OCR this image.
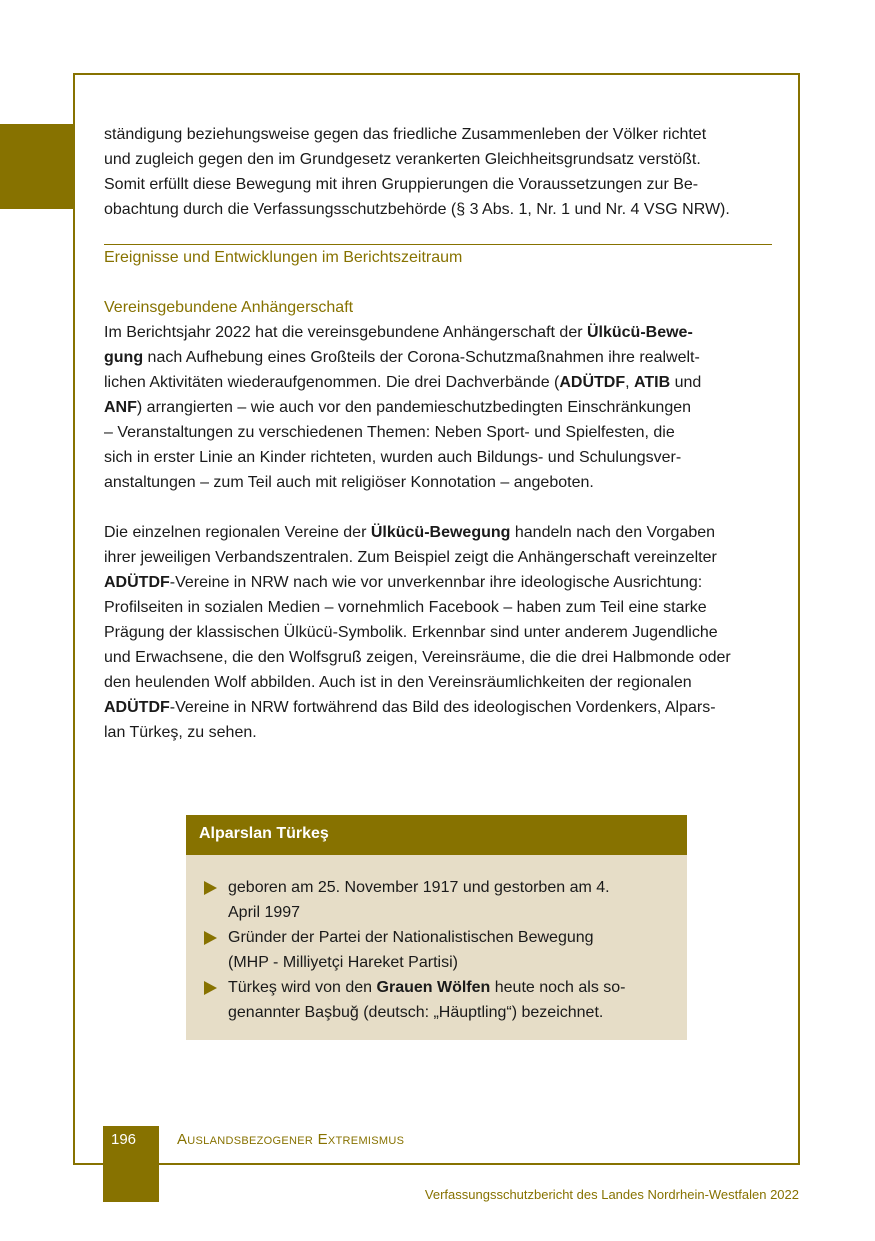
ständigung beziehungsweise gegen das friedliche Zusammenleben der Völker richtet
und zugleich gegen den im Grundgesetz verankerten Gleichheitsgrundsatz verstößt.
Somit erfüllt diese Bewegung mit ihren Gruppierungen die Voraussetzungen zur Be-
obachtung durch die Verfassungsschutzbehörde (§ 3 Abs. 1, Nr. 1 und Nr. 4 VSG NRW).

Ereignisse und Entwicklungen im Berichtszeitraum

Vereinsgebundene Anhängerschaft

Im Berichtsjahr 2022 hat die vereinsgebundene Anhängerschaft der Ülkücü-Bewe-
gung nach Aufhebung eines Großteils der Corona-Schutzmaßnahmen ihre realwelt-
lichen Aktivitäten wiederaufgenommen. Die drei Dachverbände (ADÜTDF, ATIB und
ANF) arrangierten – wie auch vor den pandemieschutzbedingten Einschränkungen
– Veranstaltungen zu verschiedenen Themen: Neben Sport- und Spielfesten, die
sich in erster Linie an Kinder richteten, wurden auch Bildungs- und Schulungsver-
anstaltungen – zum Teil auch mit religiöser Konnotation – angeboten.

Die einzelnen regionalen Vereine der Ülkücü-Bewegung handeln nach den Vorgaben
ihrer jeweiligen Verbandszentralen. Zum Beispiel zeigt die Anhängerschaft vereinzelter
ADÜTDF-Vereine in NRW nach wie vor unverkennbar ihre ideologische Ausrichtung:
Profilseiten in sozialen Medien – vornehmlich Facebook – haben zum Teil eine starke
Prägung der klassischen Ülkücü-Symbolik. Erkennbar sind unter anderem Jugendliche
und Erwachsene, die den Wolfsgruß zeigen, Vereinsräume, die die drei Halbmonde oder
den heulenden Wolf abbilden. Auch ist in den Vereinsräumlichkeiten der regionalen
ADÜTDF-Vereine in NRW fortwährend das Bild des ideologischen Vordenkers, Alpars-
lan Türkeş, zu sehen.

Alparslan Türkeş
geboren am 25. November 1917 und gestorben am 4.
April 1997
Gründer der Partei der Nationalistischen Bewegung
(MHP - Milliyetçi Hareket Partisi)
Türkeş wird von den Grauen Wölfen heute noch als so-
genannter Başbuğ (deutsch: „Häuptling“) bezeichnet.
196	Auslandsbezogener Extremismus
Verfassungsschutzbericht des Landes Nordrhein-Westfalen 2022
